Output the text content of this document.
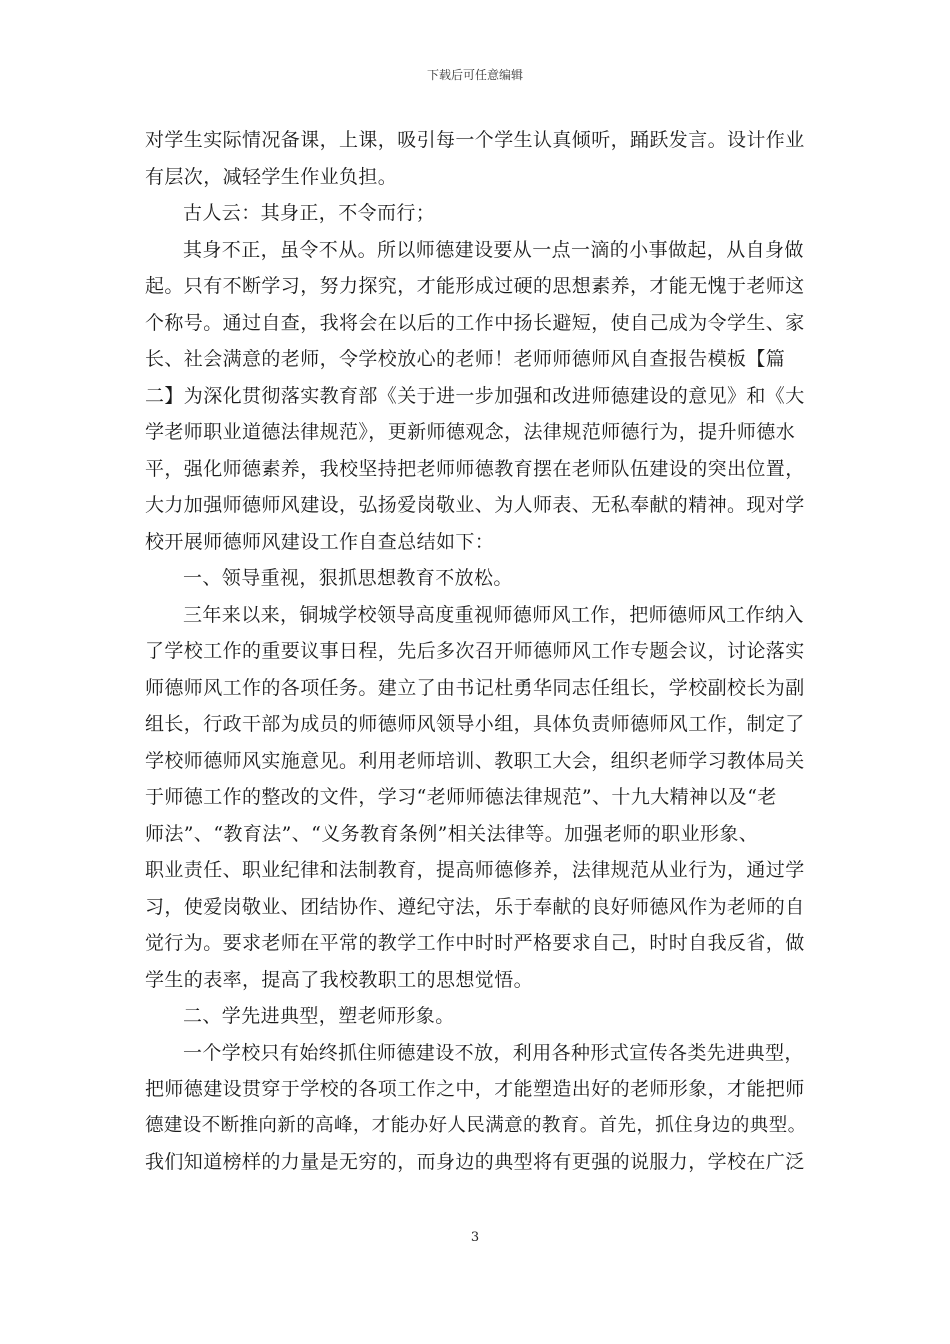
下载后可任意编辑
对学生实际情况备课，上课，吸引每一个学生认真倾听，踊跃发言。设计作业
有层次，减轻学生作业负担。
古人云：其身正，不令而行；
其身不正，虽令不从。所以师德建设要从一点一滴的小事做起，从自身做
起。只有不断学习，努力探究，才能形成过硬的思想素养，才能无愧于老师这
个称号。通过自查，我将会在以后的工作中扬长避短，使自己成为令学生、家
长、社会满意的老师，令学校放心的老师！老师师德师风自查报告模板【篇
二】为深化贯彻落实教育部《关于进一步加强和改进师德建设的意见》和《大
学老师职业道德法律规范》，更新师德观念，法律规范师德行为，提升师德水
平，强化师德素养，我校坚持把老师师德教育摆在老师队伍建设的突出位置，
大力加强师德师风建设，弘扬爱岗敬业、为人师表、无私奉献的精神。现对学
校开展师德师风建设工作自查总结如下：
一、领导重视，狠抓思想教育不放松。
三年来以来，铜城学校领导高度重视师德师风工作，把师德师风工作纳入
了学校工作的重要议事日程，先后多次召开师德师风工作专题会议，讨论落实
师德师风工作的各项任务。建立了由书记杜勇华同志任组长，学校副校长为副
组长，行政干部为成员的师德师风领导小组，具体负责师德师风工作，制定了
学校师德师风实施意见。利用老师培训、教职工大会，组织老师学习教体局关
于师德工作的整改的文件，学习“老师师德法律规范”、十九大精神以及“老
师法”、“教育法”、“义务教育条例”相关法律等。加强老师的职业形象、
职业责任、职业纪律和法制教育，提高师德修养，法律规范从业行为，通过学
习，使爱岗敬业、团结协作、遵纪守法，乐于奉献的良好师德风作为老师的自
觉行为。要求老师在平常的教学工作中时时严格要求自己，时时自我反省，做
学生的表率，提高了我校教职工的思想觉悟。
二、学先进典型，塑老师形象。
一个学校只有始终抓住师德建设不放，利用各种形式宣传各类先进典型，
把师德建设贯穿于学校的各项工作之中，才能塑造出好的老师形象，才能把师
德建设不断推向新的高峰，才能办好人民满意的教育。首先，抓住身边的典型。
我们知道榜样的力量是无穷的，而身边的典型将有更强的说服力，学校在广泛
3
